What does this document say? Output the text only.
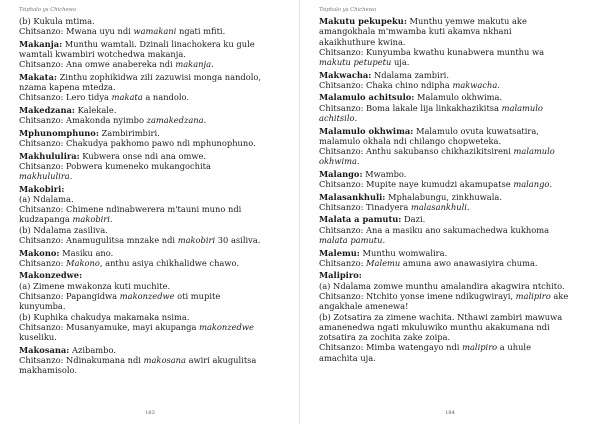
Tsiphalo ya Chichewa
(b) Kukula mtima.
Chitsanzo: Mwana uyu ndi wamakani ngati mfiti.
Makanja: Munthu wamtali. Dzinali linachokera ku gule
wamtali kwambiri wotchedwa makanja.
Chitsanzo: Ana omwe anabereka ndi makanja.
Makata: Zinthu zophikidwa zili zazuwisi monga nandolo,
nzama kapena mtedza.
Chitsanzo: Lero tidya makata a nandolo.
Makedzana: Kalekale.
Chitsanzo: Amakonda nyimbo zamakedzana.
Mphunomphuno: Zambirimbiri.
Chitsanzo: Chakudya pakhomo pawo ndi mphunophuno.
Makhululira: Kubwera onse ndi ana omwe.
Chitsanzo: Pobwera kumeneko mukangochita
makhululira.
Makobiri:
(a) Ndalama.
Chitsanzo: Chimene ndinabwerera m'tauni muno ndi
kudzapanga makobiri.
(b) Ndalama zasiliva.
Chitsanzo: Anamugulitsa mnzake ndi makobiri 30 asiliva.
Makono: Masiku ano.
Chitsanzo: Makono, anthu asiya chikhalidwe chawo.
Makonzedwe:
(a) Zimene mwakonza kuti muchite.
Chitsanzo: Papangidwa makonzedwe oti mupite
kunyumba.
(b) Kuphika chakudya makamaka nsima.
Chitsanzo: Musanyamuke, mayi akupanga makonzedwe
kuseliku.
Makosana: Azibambo.
Chitsanzo: Ndinakumana ndi makosana awiri akugulitsa
makhamisolo.
183
Tsiphalo ya Chichewa
Makutu pekupeku: Munthu yemwe makutu ake
amangokhala m'mwamba kuti akamva nkhani
akaikhuthure kwina.
Chitsanzo: Kunyumba kwathu kunabwera munthu wa
makutu petupetu uja.
Makwacha: Ndalama zambiri.
Chitsanzo: Chaka chino ndipha makwacha.
Malamulo achitsulo: Malamulo okhwima.
Chitsanzo: Boma lakale lija linkakhazikitsa malamulo
achitsilo.
Malamulo okhwima: Malamulo ovuta kuwatsatira,
malamulo okhala ndi chilango chopweteka.
Chitsanzo: Anthu sakubanso chikhazikitsireni malamulo
okhwima.
Malango: Mwambo.
Chitsanzo: Mupite naye kumudzi akamupatse malango.
Malasankhuli: Mphalabungu, zinkhuwala.
Chitsanzo: Tinadyera malasankhuli.
Malata a pamutu: Dazi.
Chitsanzo: Ana a masiku ano sakumachedwa kukhoma
malata pamutu.
Malemu: Munthu womwalira.
Chitsanzo: Malemu amuna awo anawasiyira chuma.
Malipiro:
(a) Ndalama zomwe munthu amalandira akagwira ntchito.
Chitsanzo: Ntchito yonse imene ndikugwirayi, malipiro ake
angakhale amenewa!
(b) Zotsatira za zimene wachita. Nthawi zambiri mawuwa
amanenedwa ngati mkuluwiko munthu akakumana ndi
zotsatira za zochita zake zoipa.
Chitsanzo: Mimba watengayo ndi malipiro a uhule
amachita uja.
184
